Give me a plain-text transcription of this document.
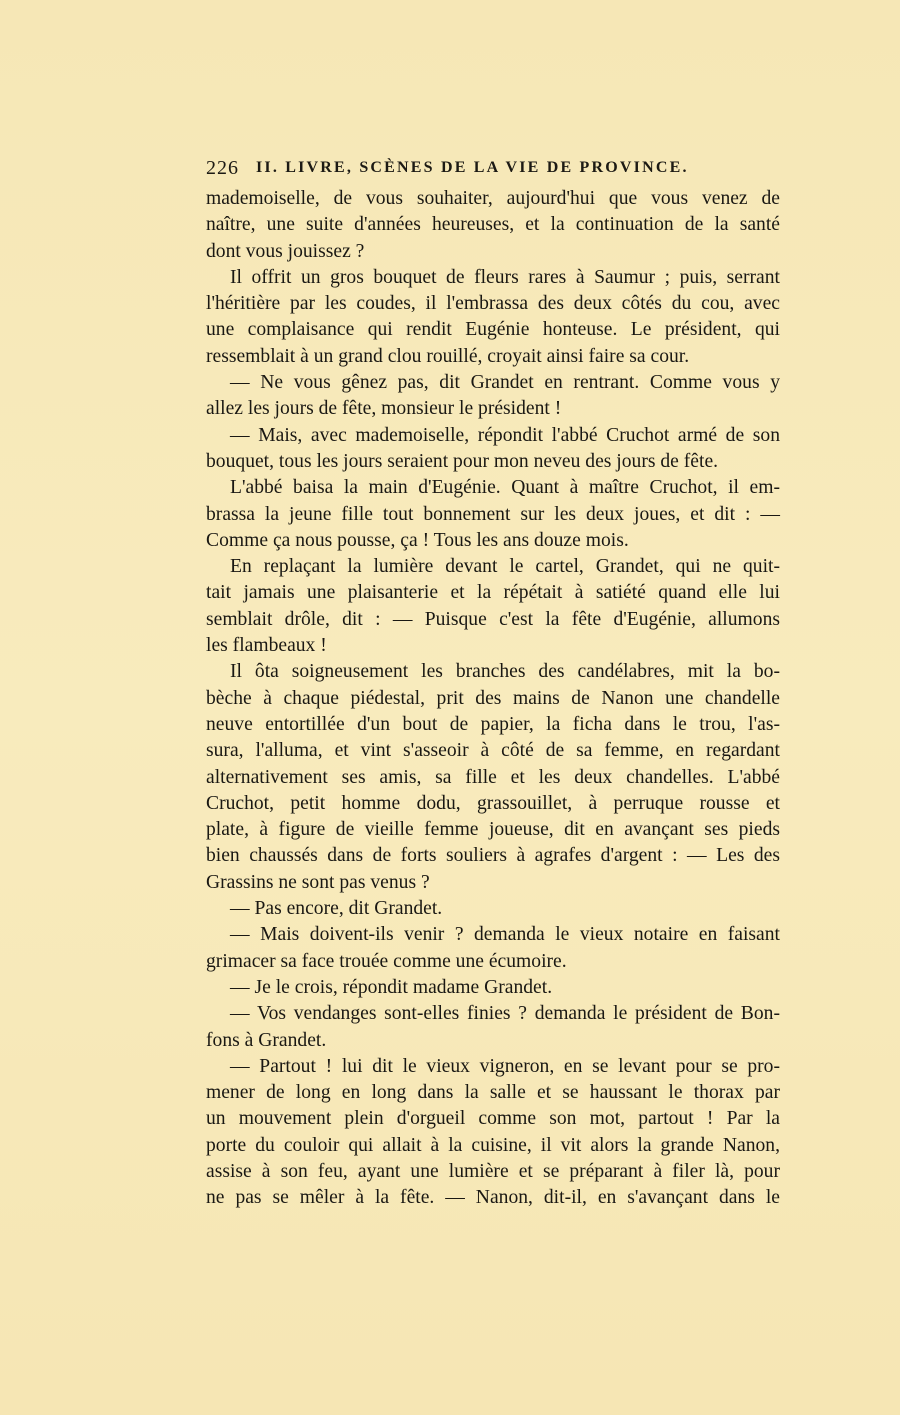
226 II. LIVRE, SCÈNES DE LA VIE DE PROVINCE.
mademoiselle, de vous souhaiter, aujourd'hui que vous venez de
naître, une suite d'années heureuses, et la continuation de la santé
dont vous jouissez ?
Il offrit un gros bouquet de fleurs rares à Saumur ; puis, serrant
l'héritière par les coudes, il l'embrassa des deux côtés du cou, avec
une complaisance qui rendit Eugénie honteuse. Le président, qui
ressemblait à un grand clou rouillé, croyait ainsi faire sa cour.
— Ne vous gênez pas, dit Grandet en rentrant. Comme vous y
allez les jours de fête, monsieur le président !
— Mais, avec mademoiselle, répondit l'abbé Cruchot armé de son
bouquet, tous les jours seraient pour mon neveu des jours de fête.
L'abbé baisa la main d'Eugénie. Quant à maître Cruchot, il em-
brassa la jeune fille tout bonnement sur les deux joues, et dit : —
Comme ça nous pousse, ça ! Tous les ans douze mois.
En replaçant la lumière devant le cartel, Grandet, qui ne quit-
tait jamais une plaisanterie et la répétait à satiété quand elle lui
semblait drôle, dit : — Puisque c'est la fête d'Eugénie, allumons
les flambeaux !
Il ôta soigneusement les branches des candélabres, mit la bo-
bèche à chaque piédestal, prit des mains de Nanon une chandelle
neuve entortillée d'un bout de papier, la ficha dans le trou, l'as-
sura, l'alluma, et vint s'asseoir à côté de sa femme, en regardant
alternativement ses amis, sa fille et les deux chandelles. L'abbé
Cruchot, petit homme dodu, grassouillet, à perruque rousse et
plate, à figure de vieille femme joueuse, dit en avançant ses pieds
bien chaussés dans de forts souliers à agrafes d'argent : — Les des
Grassins ne sont pas venus ?
— Pas encore, dit Grandet.
— Mais doivent-ils venir ? demanda le vieux notaire en faisant
grimacer sa face trouée comme une écumoire.
— Je le crois, répondit madame Grandet.
— Vos vendanges sont-elles finies ? demanda le président de Bon-
fons à Grandet.
— Partout ! lui dit le vieux vigneron, en se levant pour se pro-
mener de long en long dans la salle et se haussant le thorax par
un mouvement plein d'orgueil comme son mot, partout ! Par la
porte du couloir qui allait à la cuisine, il vit alors la grande Nanon,
assise à son feu, ayant une lumière et se préparant à filer là, pour
ne pas se mêler à la fête. — Nanon, dit-il, en s'avançant dans le
